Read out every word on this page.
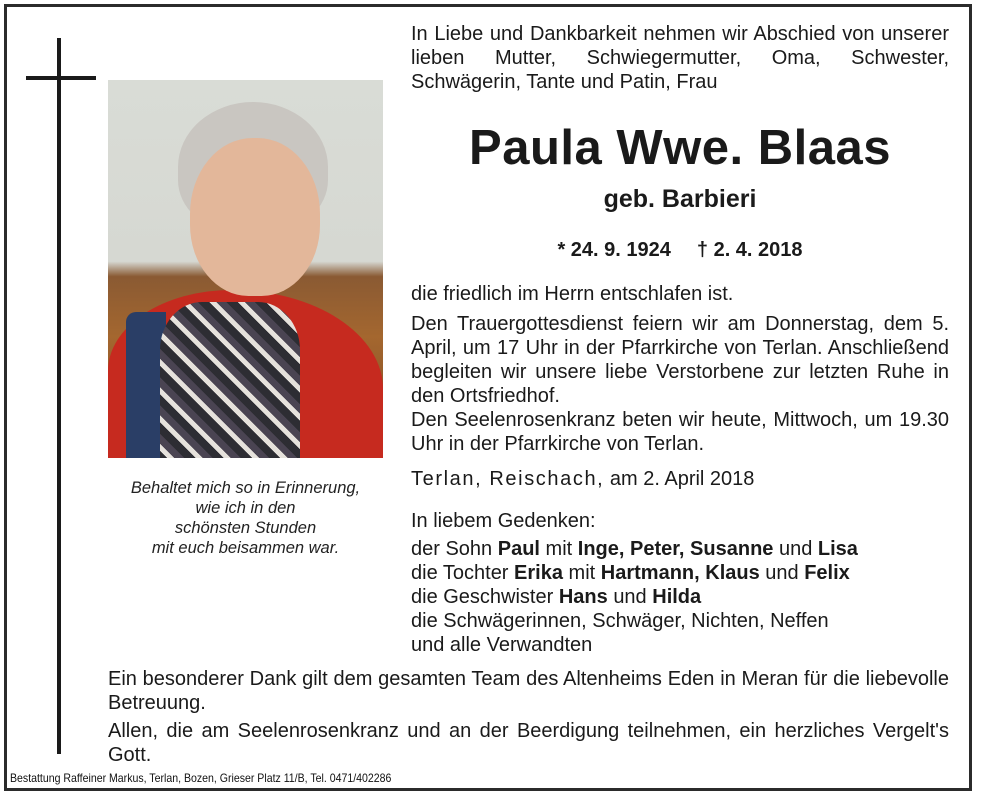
Behaltet mich so in Erinnerung,
wie ich in den
schönsten Stunden
mit euch beisammen war.
In Liebe und Dankbarkeit nehmen wir Abschied von unserer lieben Mutter, Schwiegermutter, Oma, Schwester, Schwägerin, Tante und Patin, Frau
Paula Wwe. Blaas
geb. Barbieri
* 24. 9. 1924 † 2. 4. 2018

die friedlich im Herrn entschlafen ist.

Den Trauergottesdienst feiern wir am Donnerstag, dem 5. April, um 17 Uhr in der Pfarrkirche von Terlan. Anschließend begleiten wir unsere liebe Verstorbene zur letzten Ruhe in den Ortsfriedhof.

Den Seelenrosenkranz beten wir heute, Mittwoch, um 19.30 Uhr in der Pfarrkirche von Terlan.

Terlan, Reischach, am 2. April 2018
In liebem Gedenken:
der Sohn Paul mit Inge, Peter, Susanne und Lisa
die Tochter Erika mit Hartmann, Klaus und Felix
die Geschwister Hans und Hilda
die Schwägerinnen, Schwäger, Nichten, Neffen
und alle Verwandten

Ein besonderer Dank gilt dem gesamten Team des Altenheims Eden in Meran für die liebevolle Betreuung.

Allen, die am Seelenrosenkranz und an der Beerdigung teilnehmen, ein herzliches Vergelt's Gott.

Bestattung Raffeiner Markus, Terlan, Bozen, Grieser Platz 11/B, Tel. 0471/402286
